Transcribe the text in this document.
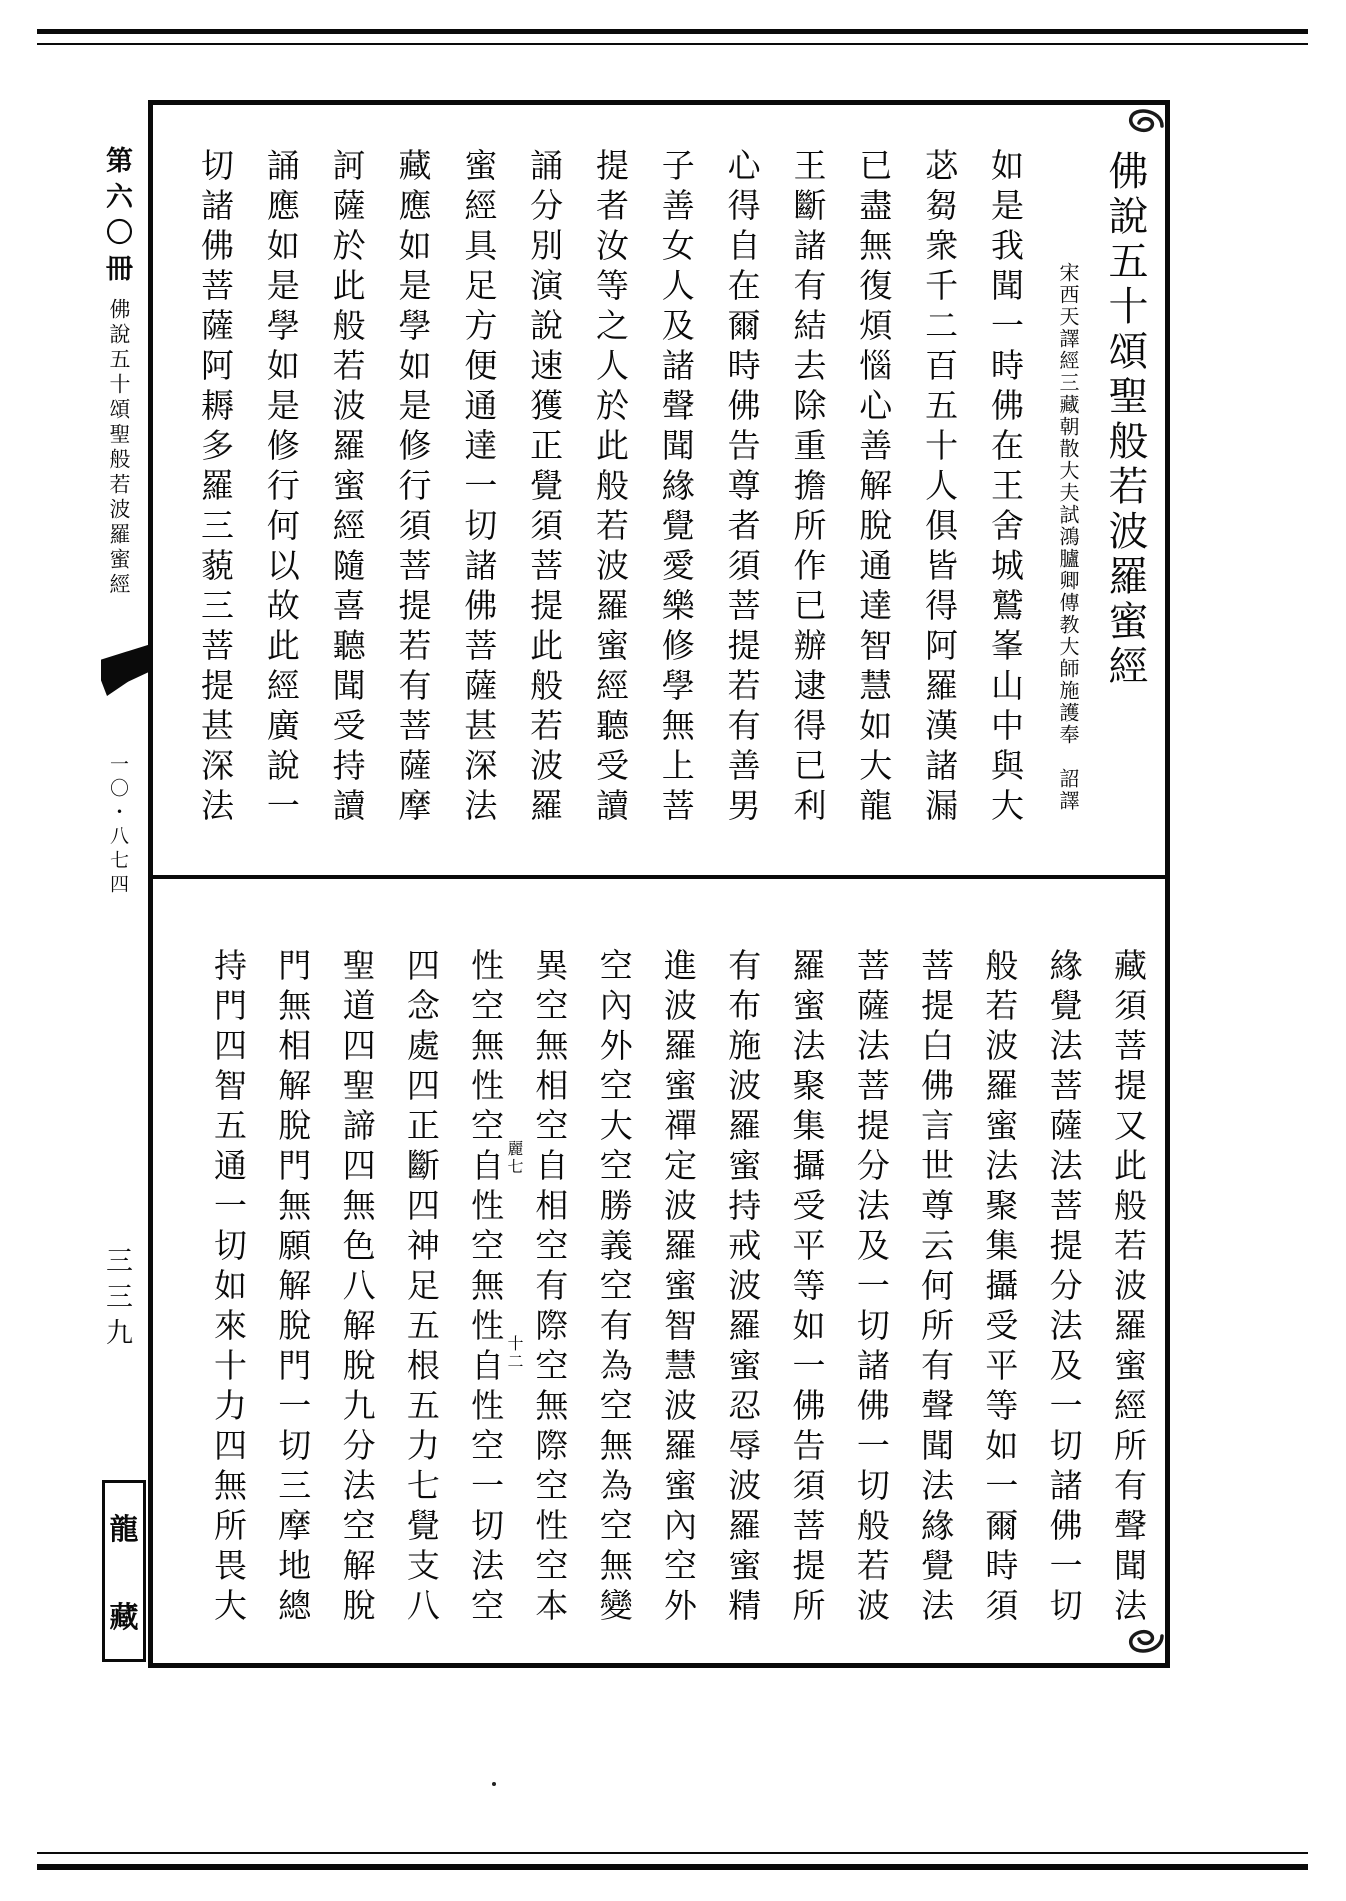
第六〇冊
佛說五十頌聖般若波羅蜜經
一〇・八七四
三三九
龍
藏
佛說五十頌聖般若波羅蜜經
宋西天譯經三藏朝散大夫試鴻臚卿傳教大師施護奉　詔譯
如是我聞一時佛在王舍城鷲峯山中與大
苾芻衆千二百五十人俱皆得阿羅漢諸漏
已盡無復煩惱心善解脫通達智慧如大龍
王斷諸有結去除重擔所作已辦逮得已利
心得自在爾時佛告尊者須菩提若有善男
子善女人及諸聲聞緣覺愛樂修學無上菩
提者汝等之人於此般若波羅蜜經聽受讀
誦分別演說速獲正覺須菩提此般若波羅
蜜經具足方便通達一切諸佛菩薩甚深法
藏應如是學如是修行須菩提若有菩薩摩
訶薩於此般若波羅蜜經隨喜聽聞受持讀
誦應如是學如是修行何以故此經廣說一
切諸佛菩薩阿耨多羅三藐三菩提甚深法
藏須菩提又此般若波羅蜜經所有聲聞法
緣覺法菩薩法菩提分法及一切諸佛一切
般若波羅蜜法聚集攝受平等如一爾時須
菩提白佛言世尊云何所有聲聞法緣覺法
菩薩法菩提分法及一切諸佛一切般若波
羅蜜法聚集攝受平等如一佛告須菩提所
有布施波羅蜜持戒波羅蜜忍辱波羅蜜精
進波羅蜜禪定波羅蜜智慧波羅蜜內空外
空內外空大空勝義空有為空無為空無變
異空無相空自相空有際空無際空性空本
性空無性空自性空無性自性空一切法空
四念處四正斷四神足五根五力七覺支八
聖道四聖諦四無色八解脫九分法空解脫
門無相解脫門無願解脫門一切三摩地總
持門四智五通一切如來十力四無所畏大	麗七
十二
